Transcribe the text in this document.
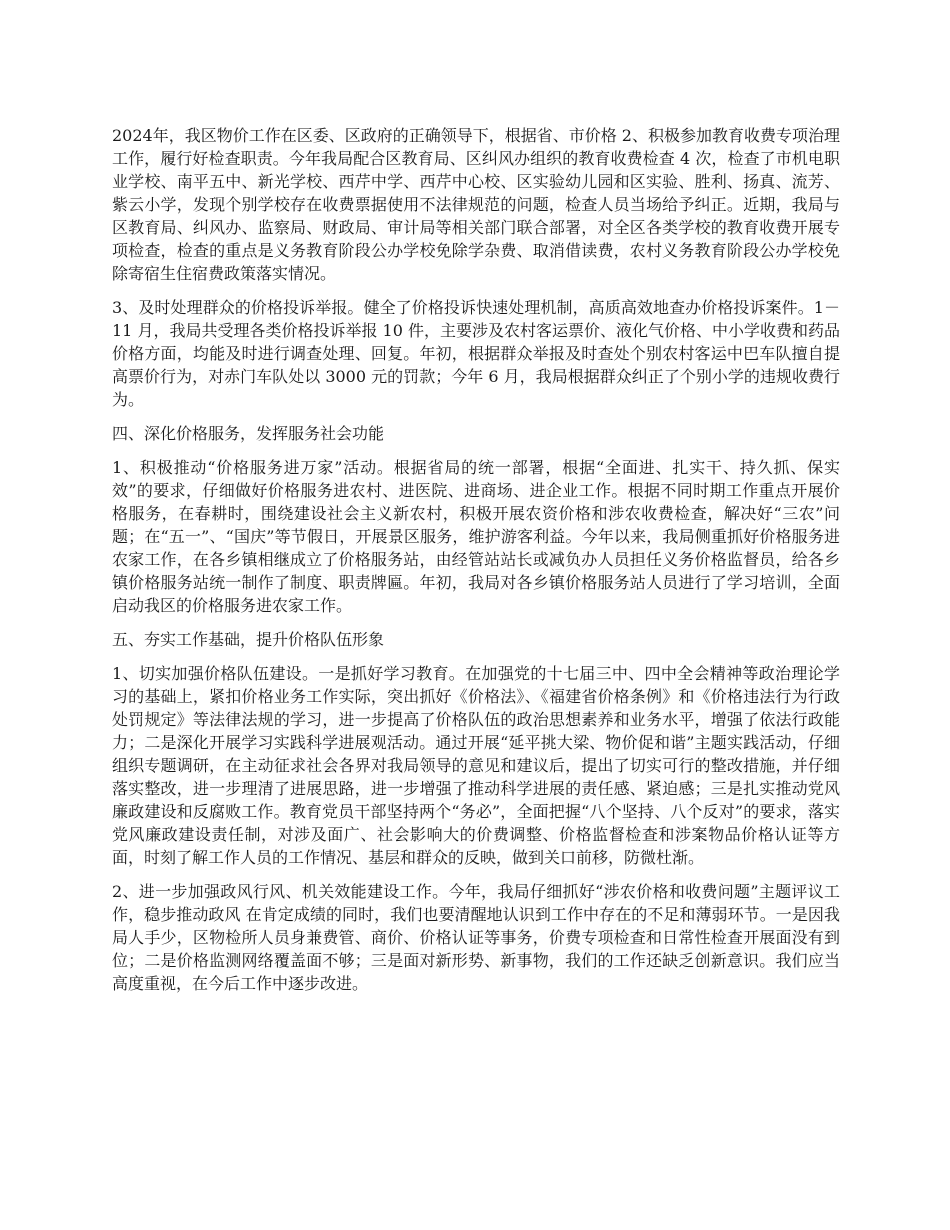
2024年，我区物价工作在区委、区政府的正确领导下，根据省、市价格 2、积极参加教育收费专项治理工作，履行好检查职责。今年我局配合区教育局、区纠风办组织的教育收费检查 4 次，检查了市机电职业学校、南平五中、新光学校、西芹中学、西芹中心校、区实验幼儿园和区实验、胜利、扬真、流芳、紫云小学，发现个别学校存在收费票据使用不法律规范的问题，检查人员当场给予纠正。近期，我局与区教育局、纠风办、监察局、财政局、审计局等相关部门联合部署，对全区各类学校的教育收费开展专项检查，检查的重点是义务教育阶段公办学校免除学杂费、取消借读费，农村义务教育阶段公办学校免除寄宿生住宿费政策落实情况。

3、及时处理群众的价格投诉举报。健全了价格投诉快速处理机制，高质高效地查办价格投诉案件。1－11 月，我局共受理各类价格投诉举报 10 件，主要涉及农村客运票价、液化气价格、中小学收费和药品价格方面，均能及时进行调查处理、回复。年初，根据群众举报及时查处个别农村客运中巴车队擅自提高票价行为，对赤门车队处以 3000 元的罚款；今年 6 月，我局根据群众纠正了个别小学的违规收费行为。

四、深化价格服务，发挥服务社会功能

1、积极推动“价格服务进万家”活动。根据省局的统一部署，根据“全面进、扎实干、持久抓、保实效”的要求，仔细做好价格服务进农村、进医院、进商场、进企业工作。根据不同时期工作重点开展价格服务，在春耕时，围绕建设社会主义新农村，积极开展农资价格和涉农收费检查，解决好“三农”问题；在“五一”、“国庆”等节假日，开展景区服务，维护游客利益。今年以来，我局侧重抓好价格服务进农家工作，在各乡镇相继成立了价格服务站，由经管站站长或减负办人员担任义务价格监督员，给各乡镇价格服务站统一制作了制度、职责牌匾。年初，我局对各乡镇价格服务站人员进行了学习培训，全面启动我区的价格服务进农家工作。

五、夯实工作基础，提升价格队伍形象

1、切实加强价格队伍建设。一是抓好学习教育。在加强党的十七届三中、四中全会精神等政治理论学习的基础上，紧扣价格业务工作实际，突出抓好《价格法》、《福建省价格条例》和《价格违法行为行政处罚规定》等法律法规的学习，进一步提高了价格队伍的政治思想素养和业务水平，增强了依法行政能力；二是深化开展学习实践科学进展观活动。通过开展“延平挑大梁、物价促和谐”主题实践活动，仔细组织专题调研，在主动征求社会各界对我局领导的意见和建议后，提出了切实可行的整改措施，并仔细落实整改，进一步理清了进展思路，进一步增强了推动科学进展的责任感、紧迫感；三是扎实推动党风廉政建设和反腐败工作。教育党员干部坚持两个“务必”，全面把握“八个坚持、八个反对”的要求，落实党风廉政建设责任制，对涉及面广、社会影响大的价费调整、价格监督检查和涉案物品价格认证等方面，时刻了解工作人员的工作情况、基层和群众的反映，做到关口前移，防微杜渐。

2、进一步加强政风行风、机关效能建设工作。今年，我局仔细抓好“涉农价格和收费问题”主题评议工作，稳步推动政风 在肯定成绩的同时，我们也要清醒地认识到工作中存在的不足和薄弱环节。一是因我局人手少，区物检所人员身兼费管、商价、价格认证等事务，价费专项检查和日常性检查开展面没有到位；二是价格监测网络覆盖面不够；三是面对新形势、新事物，我们的工作还缺乏创新意识。我们应当高度重视，在今后工作中逐步改进。
